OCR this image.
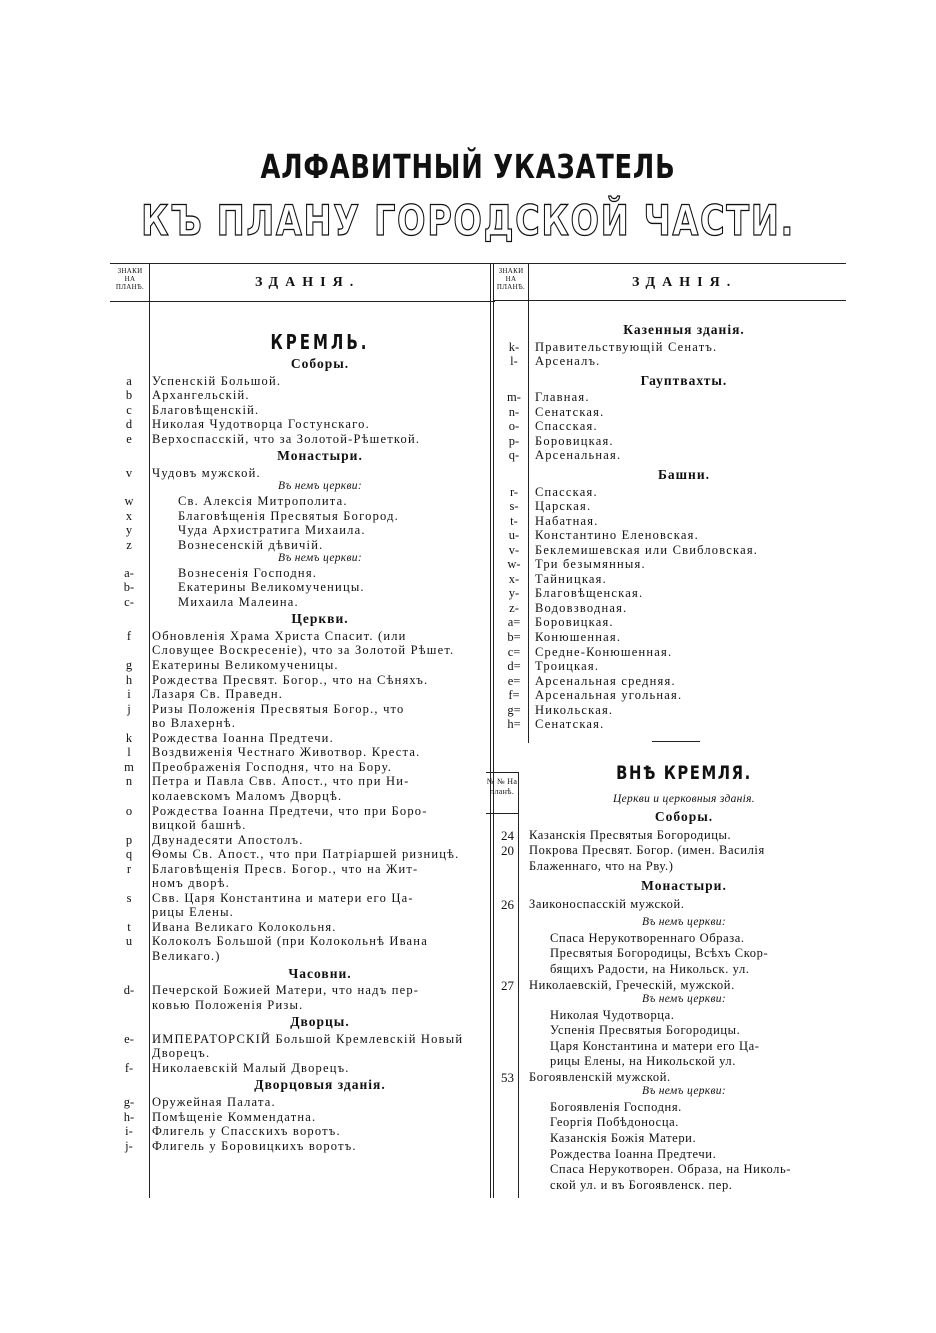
АЛФАВИТНЫЙ УКАЗАТЕЛЬ
КЪ ПЛАНУ ГОРОДСКОЙ ЧАСТИ.
ЗНАКИ НА ПЛАНѢ.	ЗДАНІЯ.
ЗНАКИ НА ПЛАНѢ.	ЗДАНІЯ.
КРЕМЛЬ.
Соборы.
a	Успенскій Большой.
b	Архангельскій.
c	Благовѣщенскій.
d	Николая Чудотворца Гостунскаго.
e	Верхоспасскій, что за Золотой-Рѣшеткой.
Монастыри.
v	Чудовъ мужской.
Въ немъ церкви:
w	Св. Алексія Митрополита.
x	Благовѣщенія Пресвятыя Богород.
y	Чуда Архистратига Михаила.
z	Вознесенскій дѣвичій.
Въ немъ церкви:
a-	Вознесенія Господня.
b-	Екатерины Великомученицы.
c-	Михаила Малеина.
Церкви.
f	Обновленія Храма Христа Спасит. (или
Словущее Воскресеніе), что за Золотой Рѣшет.
g	Екатерины Великомученицы.
h	Рождества Пресвят. Богор., что на Сѣняхъ.
i	Лазаря Св. Праведн.
j	Ризы Положенія Пресвятыя Богор., что
во Влахернѣ.
k	Рождества Іоанна Предтечи.
l	Воздвиженія Честнаго Животвор. Креста.
m	Преображенія Господня, что на Бору.
n	Петра и Павла Свв. Апост., что при Ни-
колаевскомъ Маломъ Дворцѣ.
o	Рождества Іоанна Предтечи, что при Боро-
вицкой башнѣ.
p	Двунадесяти Апостолъ.
q	Ѳомы Св. Апост., что при Патріаршей ризницѣ.
r	Благовѣщенія Пресв. Богор., что на Жит-
номъ дворѣ.
s	Свв. Царя Константина и матери его Ца-
рицы Елены.
t	Ивана Великаго Колокольня.
u	Колоколъ Большой (при Колокольнѣ Ивана
Великаго.)
Часовни.
d-	Печерской Божией Матери, что надъ пер-
ковью Положенія Ризы.
Дворцы.
e-	ИМПЕРАТОРСКІЙ Большой Кремлевскій Новый
Дворецъ.
f-	Николаевскій Малый Дворецъ.
Дворцовыя зданія.
g-	Оружейная Палата.
h-	Помѣщеніе Коммендатна.
i-	Флигель у Спасскихъ воротъ.
j-	Флигель у Боровицкихъ воротъ.
Казенныя зданія.
k-	Правительствующій Сенатъ.
l-	Арсеналъ.
Гауптвахты.
m-	Главная.
n-	Сенатская.
o-	Спасская.
p-	Боровицкая.
q-	Арсенальная.
Башни.
r-	Спасская.
s-	Царская.
t-	Набатная.
u-	Константино Еленовская.
v-	Беклемишевская или Свибловская.
w-	Три безымянныя.
x-	Тайницкая.
y-	Благовѣщенская.
z-	Водовзводная.
a=	Боровицкая.
b=	Конюшенная.
c=	Средне-Конюшенная.
d=	Троицкая.
e=	Арсенальная средняя.
f=	Арсенальная угольная.
g=	Никольская.
h=	Сенатская.
№ № На планѣ.
ВНѢ КРЕМЛЯ.
Церкви и церковныя зданія.
Соборы.
24 Казанскія Пресвятыя Богородицы.
20 Покрова Пресвят. Богор. (имен. Василія
Блаженнаго, что на Рву.)
Монастыри.
26 Заиконоспасскій мужской.
Въ немъ церкви:
Спаса Нерукотвореннаго Образа.
Пресвятыя Богородицы, Всѣхъ Скор-
бящихъ Радости, на Никольск. ул.
27 Николаевскій, Греческій, мужской.
Въ немъ церкви:
Николая Чудотворца.
Успенія Пресвятыя Богородицы.
Царя Константина и матери его Ца-
рицы Елены, на Никольской ул.
53 Богоявленскій мужской.
Въ немъ церкви:
Богоявленія Господня.
Георгія Побѣдоносца.
Казанскія Божія Матери.
Рождества Іоанна Предтечи.
Спаса Нерукотворен. Образа, на Николь-
ской ул. и въ Богоявленск. пер.
